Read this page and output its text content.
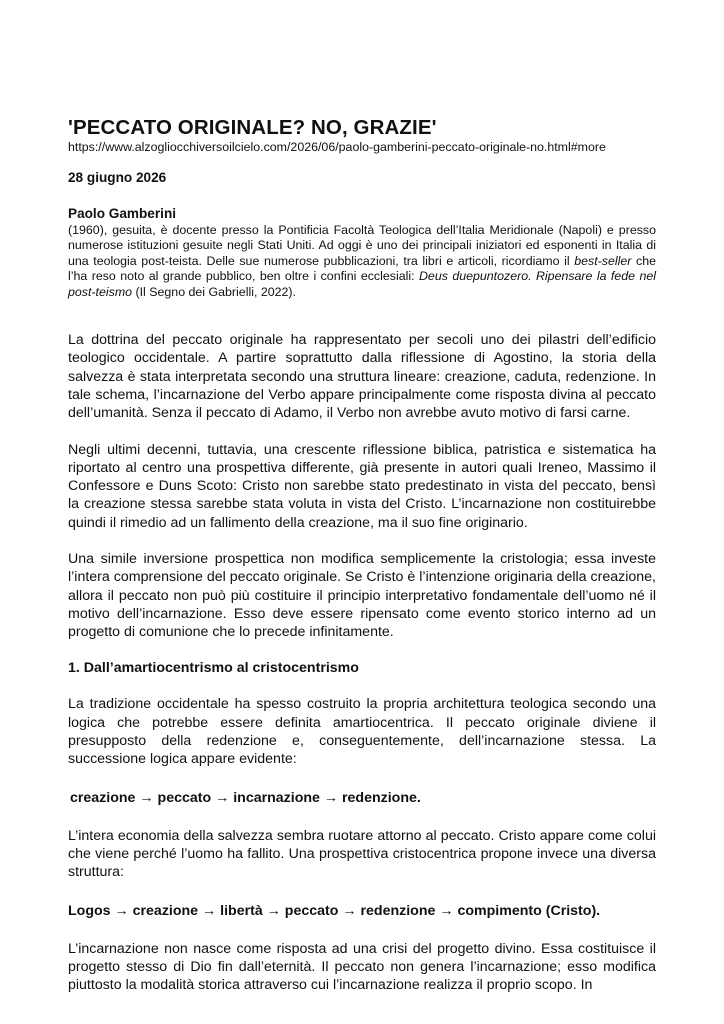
'PECCATO ORIGINALE? NO, GRAZIE'
https://www.alzogliocchiversoilcielo.com/2026/06/paolo-gamberini-peccato-originale-no.html#more
28 giugno 2026
Paolo Gamberini

(1960), gesuita, è docente presso la Pontificia Facoltà Teologica dell’Italia Meridionale (Napoli) e presso numerose istituzioni gesuite negli Stati Uniti. Ad oggi è uno dei principali iniziatori ed esponenti in Italia di una teologia post-teista. Delle sue numerose pubblicazioni, tra libri e articoli, ricordiamo il best-seller che l’ha reso noto al grande pubblico, ben oltre i confini ecclesiali: Deus duepuntozero. Ripensare la fede nel post-teismo (Il Segno dei Gabrielli, 2022).

La dottrina del peccato originale ha rappresentato per secoli uno dei pilastri dell’edificio teologico occidentale. A partire soprattutto dalla riflessione di Agostino, la storia della salvezza è stata interpretata secondo una struttura lineare: creazione, caduta, redenzione. In tale schema, l’incarnazione del Verbo appare principalmente come risposta divina al peccato dell’umanità. Senza il peccato di Adamo, il Verbo non avrebbe avuto motivo di farsi carne.

Negli ultimi decenni, tuttavia, una crescente riflessione biblica, patristica e sistematica ha riportato al centro una prospettiva differente, già presente in autori quali Ireneo, Massimo il Confessore e Duns Scoto: Cristo non sarebbe stato predestinato in vista del peccato, bensì la creazione stessa sarebbe stata voluta in vista del Cristo. L’incarnazione non costituirebbe quindi il rimedio ad un fallimento della creazione, ma il suo fine originario.

Una simile inversione prospettica non modifica semplicemente la cristologia; essa investe l’intera comprensione del peccato originale. Se Cristo è l’intenzione originaria della creazione, allora il peccato non può più costituire il principio interpretativo fondamentale dell’uomo né il motivo dell’incarnazione. Esso deve essere ripensato come evento storico interno ad un progetto di comunione che lo precede infinitamente.

1. Dall’amartiocentrismo al cristocentrismo

La tradizione occidentale ha spesso costruito la propria architettura teologica secondo una logica che potrebbe essere definita amartiocentrica. Il peccato originale diviene il presupposto della redenzione e, conseguentemente, dell’incarnazione stessa. La successione logica appare evidente:

creazione → peccato → incarnazione → redenzione.

L’intera economia della salvezza sembra ruotare attorno al peccato. Cristo appare come colui che viene perché l’uomo ha fallito. Una prospettiva cristocentrica propone invece una diversa struttura:

Logos → creazione → libertà → peccato → redenzione → compimento (Cristo).

L’incarnazione non nasce come risposta ad una crisi del progetto divino. Essa costituisce il progetto stesso di Dio fin dall’eternità. Il peccato non genera l’incarnazione; esso modifica piuttosto la modalità storica attraverso cui l’incarnazione realizza il proprio scopo. In
